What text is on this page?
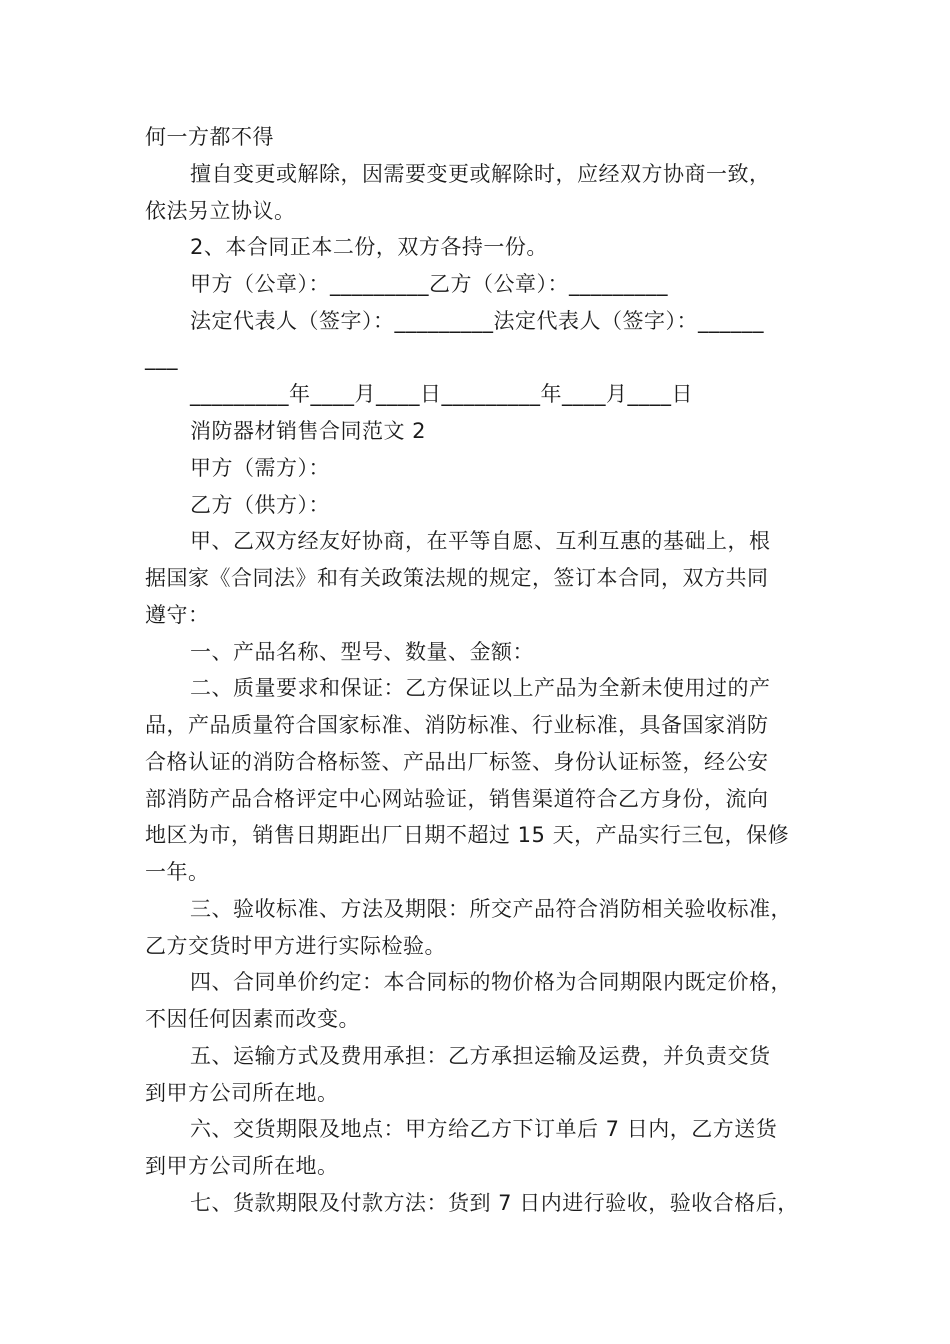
何一方都不得
擅自变更或解除，因需要变更或解除时，应经双方协商一致，
依法另立协议。
2、本合同正本二份，双方各持一份。
甲方（公章）：_________乙方（公章）：_________
法定代表人（签字）：_________法定代表人（签字）：______
___
_________年____月____日_________年____月____日
消防器材销售合同范文 2
甲方（需方）：
乙方（供方）：
甲、乙双方经友好协商，在平等自愿、互利互惠的基础上，根
据国家《合同法》和有关政策法规的规定，签订本合同，双方共同
遵守：
一、产品名称、型号、数量、金额：
二、质量要求和保证：乙方保证以上产品为全新未使用过的产
品，产品质量符合国家标准、消防标准、行业标准，具备国家消防
合格认证的消防合格标签、产品出厂标签、身份认证标签，经公安
部消防产品合格评定中心网站验证，销售渠道符合乙方身份，流向
地区为市，销售日期距出厂日期不超过 15 天，产品实行三包，保修
一年。
三、验收标准、方法及期限：所交产品符合消防相关验收标准，
乙方交货时甲方进行实际检验。
四、合同单价约定：本合同标的物价格为合同期限内既定价格，
不因任何因素而改变。
五、运输方式及费用承担：乙方承担运输及运费，并负责交货
到甲方公司所在地。
六、交货期限及地点：甲方给乙方下订单后 7 日内，乙方送货
到甲方公司所在地。
七、货款期限及付款方法：货到 7 日内进行验收，验收合格后，
